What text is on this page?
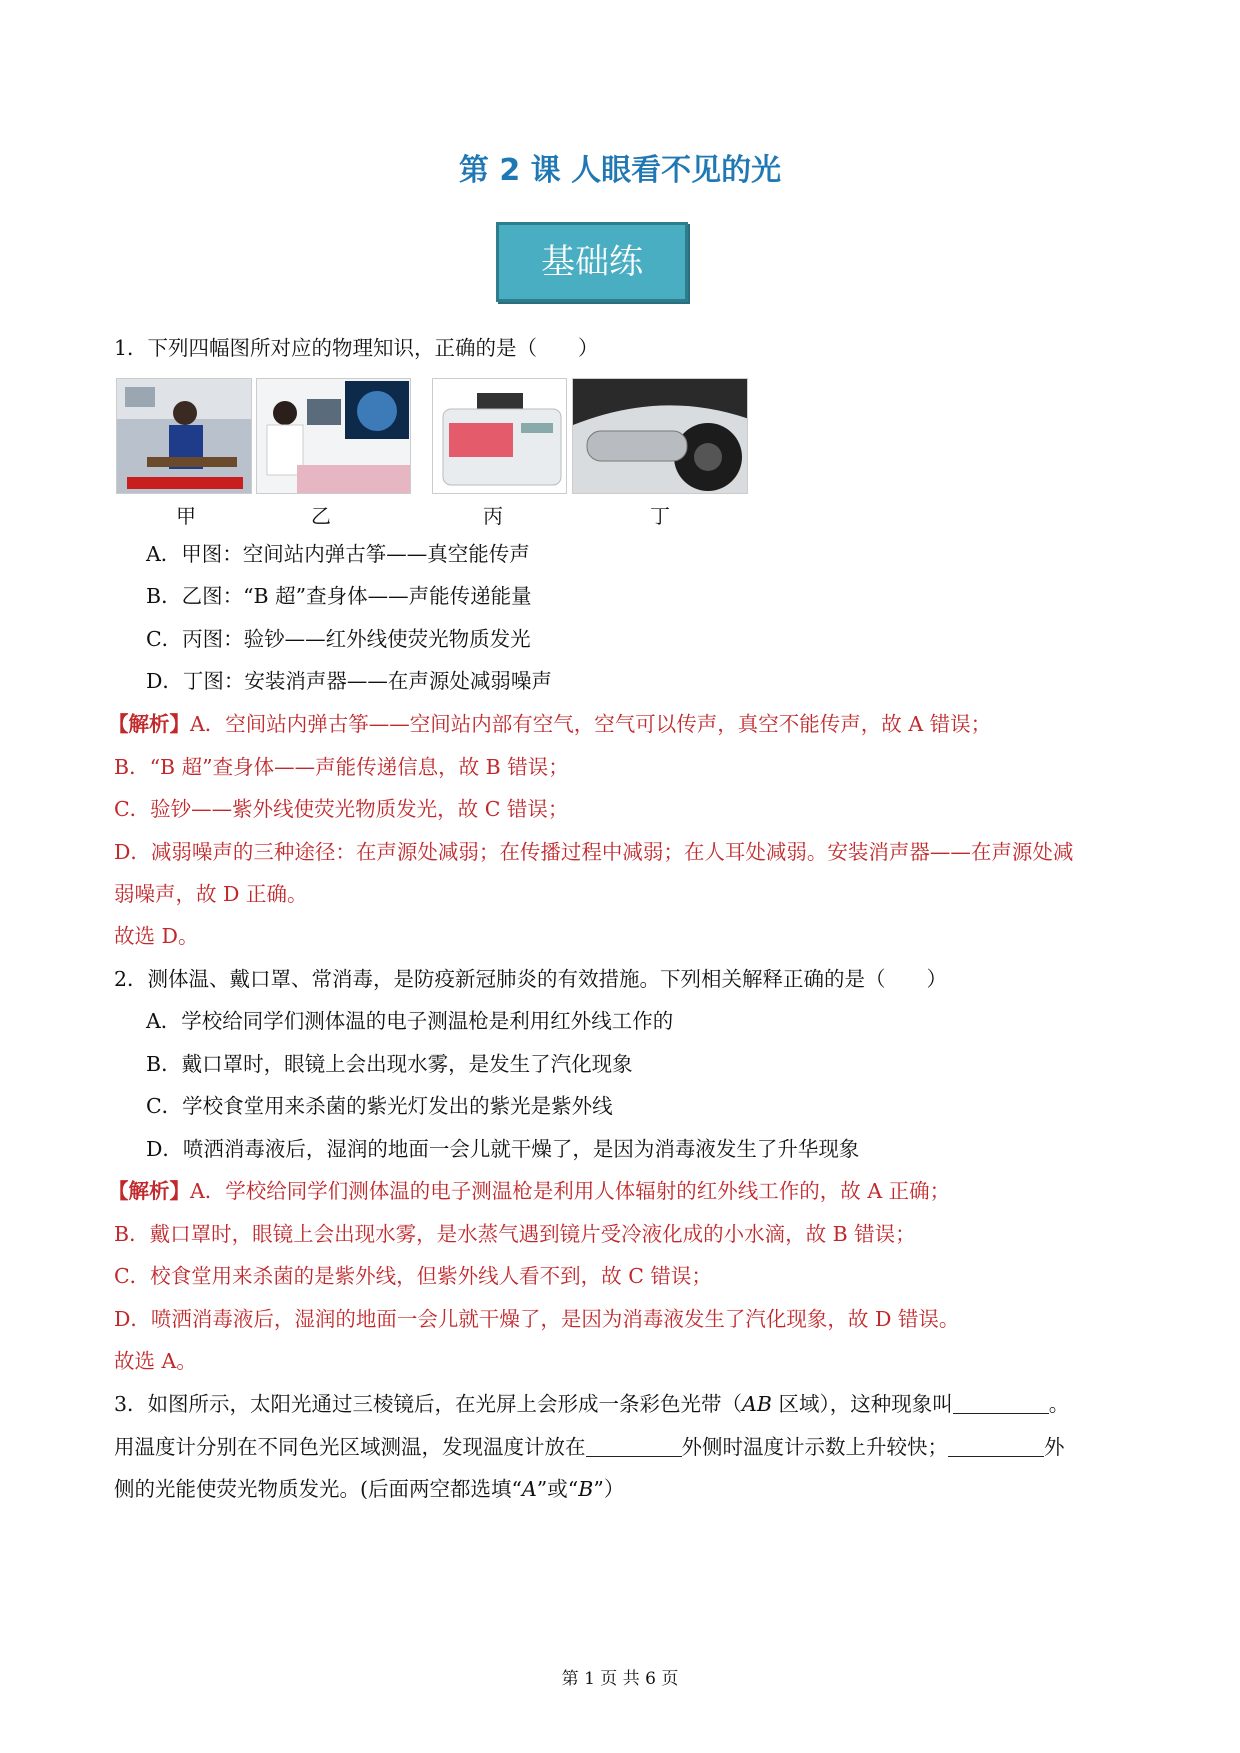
第 2 课 人眼看不见的光
基础练
1．下列四幅图所对应的物理知识，正确的是（　　）
甲	乙	丙	丁
A．甲图：空间站内弹古筝——真空能传声
B．乙图：“B 超”查身体——声能传递能量
C．丙图：验钞——红外线使荧光物质发光
D．丁图：安装消声器——在声源处减弱噪声
【解析】A．空间站内弹古筝——空间站内部有空气，空气可以传声，真空不能传声，故 A 错误；
B．“B 超”查身体——声能传递信息，故 B 错误；
C．验钞——紫外线使荧光物质发光，故 C 错误；
D．减弱噪声的三种途径：在声源处减弱；在传播过程中减弱；在人耳处减弱。安装消声器——在声源处减
弱噪声，故 D 正确。
故选 D。
2．测体温、戴口罩、常消毒，是防疫新冠肺炎的有效措施。下列相关解释正确的是（　　）
A．学校给同学们测体温的电子测温枪是利用红外线工作的
B．戴口罩时，眼镜上会出现水雾，是发生了汽化现象
C．学校食堂用来杀菌的紫光灯发出的紫光是紫外线
D．喷洒消毒液后，湿润的地面一会儿就干燥了，是因为消毒液发生了升华现象
【解析】A．学校给同学们测体温的电子测温枪是利用人体辐射的红外线工作的，故 A 正确；
B．戴口罩时，眼镜上会出现水雾，是水蒸气遇到镜片受冷液化成的小水滴，故 B 错误；
C．校食堂用来杀菌的是紫外线，但紫外线人看不到，故 C 错误；
D．喷洒消毒液后，湿润的地面一会儿就干燥了，是因为消毒液发生了汽化现象，故 D 错误。
故选 A。
3．如图所示，太阳光通过三棱镜后，在光屏上会形成一条彩色光带（AB 区域），这种现象叫	。
用温度计分别在不同色光区域测温，发现温度计放在	外侧时温度计示数上升较快；	外
侧的光能使荧光物质发光。(后面两空都选填“A”或“B”）
第 1 页 共 6 页
